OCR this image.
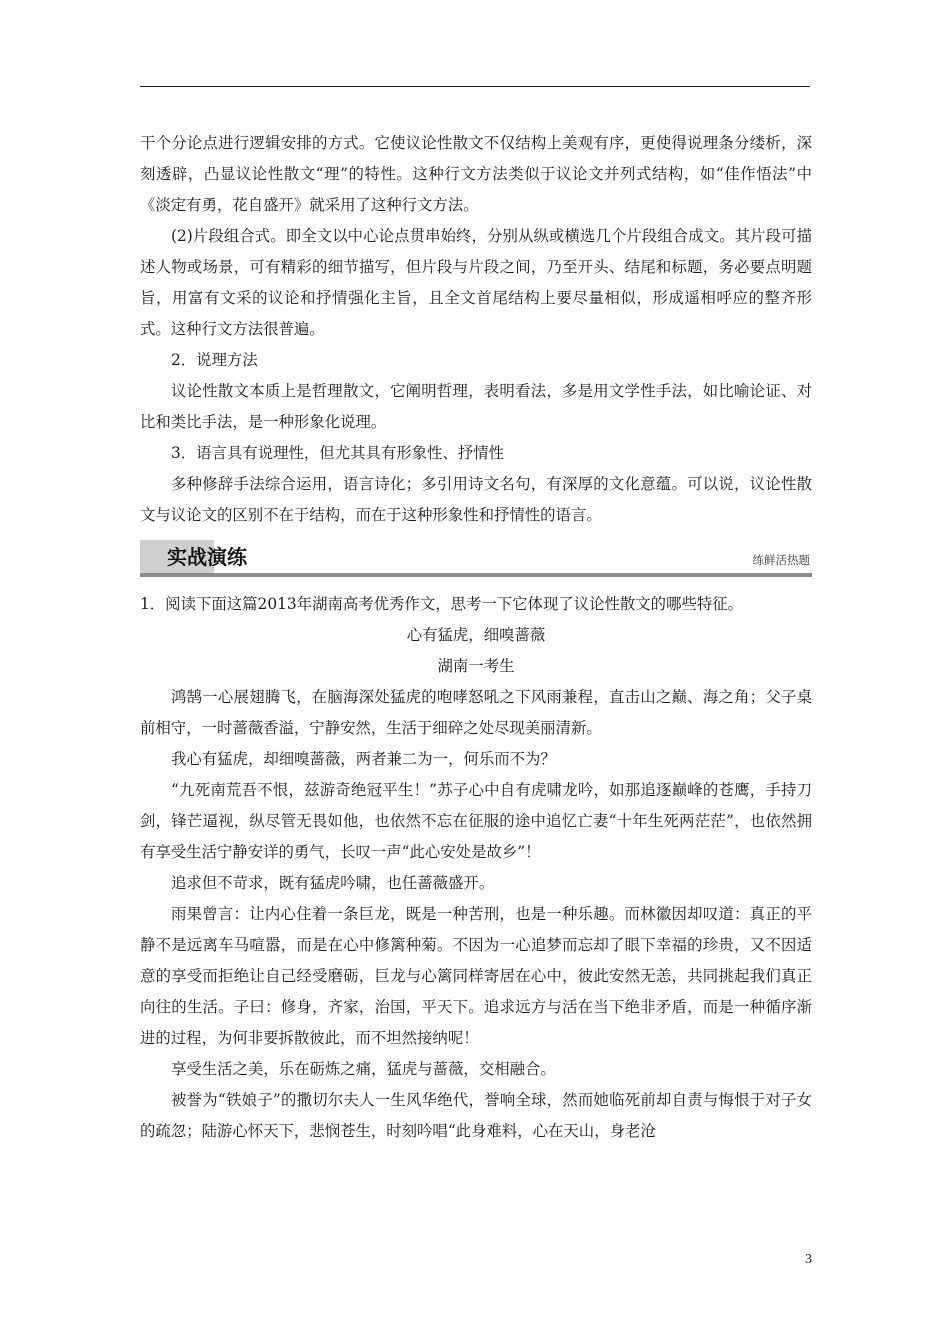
干个分论点进行逻辑安排的方式。它使议论性散文不仅结构上美观有序，更使得说理条分缕析，深刻透辟，凸显议论性散文“理”的特性。这种行文方法类似于议论文并列式结构，如“佳作悟法”中《淡定有勇，花自盛开》就采用了这种行文方法。

(2)片段组合式。即全文以中心论点贯串始终，分别从纵或横选几个片段组合成文。其片段可描述人物或场景，可有精彩的细节描写，但片段与片段之间，乃至开头、结尾和标题，务必要点明题旨，用富有文采的议论和抒情强化主旨，且全文首尾结构上要尽量相似，形成遥相呼应的整齐形式。这种行文方法很普遍。

2．说理方法

议论性散文本质上是哲理散文，它阐明哲理，表明看法，多是用文学性手法，如比喻论证、对比和类比手法，是一种形象化说理。

3．语言具有说理性，但尤其具有形象性、抒情性

多种修辞手法综合运用，语言诗化；多引用诗文名句，有深厚的文化意蕴。可以说，议论性散文与议论文的区别不在于结构，而在于这种形象性和抒情性的语言。

实战演练	练鲜活热题

1．阅读下面这篇2013年湖南高考优秀作文，思考一下它体现了议论性散文的哪些特征。

心有猛虎，细嗅蔷薇

湖南一考生

鸿鹄一心展翅腾飞，在脑海深处猛虎的咆哮怒吼之下风雨兼程，直击山之巅、海之角；父子桌前相守，一时蔷薇香溢，宁静安然，生活于细碎之处尽现美丽清新。

我心有猛虎，却细嗅蔷薇，两者兼二为一，何乐而不为？

“九死南荒吾不恨，兹游奇绝冠平生！”苏子心中自有虎啸龙吟，如那追逐巅峰的苍鹰，手持刀剑，锋芒逼视，纵尽管无畏如他，也依然不忘在征服的途中追忆亡妻“十年生死两茫茫”，也依然拥有享受生活宁静安详的勇气，长叹一声“此心安处是故乡”！

追求但不苛求，既有猛虎吟啸，也任蔷薇盛开。

雨果曾言：让内心住着一条巨龙，既是一种苦刑，也是一种乐趣。而林徽因却叹道：真正的平静不是远离车马喧嚣，而是在心中修篱种菊。不因为一心追梦而忘却了眼下幸福的珍贵，又不因适意的享受而拒绝让自己经受磨砺，巨龙与心篱同样寄居在心中，彼此安然无恙，共同挑起我们真正向往的生活。子曰：修身，齐家，治国，平天下。追求远方与活在当下绝非矛盾，而是一种循序渐进的过程，为何非要拆散彼此，而不坦然接纳呢！

享受生活之美，乐在砺炼之痛，猛虎与蔷薇，交相融合。

被誉为“铁娘子”的撒切尔夫人一生风华绝代，誉响全球，然而她临死前却自责与悔恨于对子女的疏忽；陆游心怀天下，悲悯苍生，时刻吟唱“此身难料，心在天山，身老沧

3
